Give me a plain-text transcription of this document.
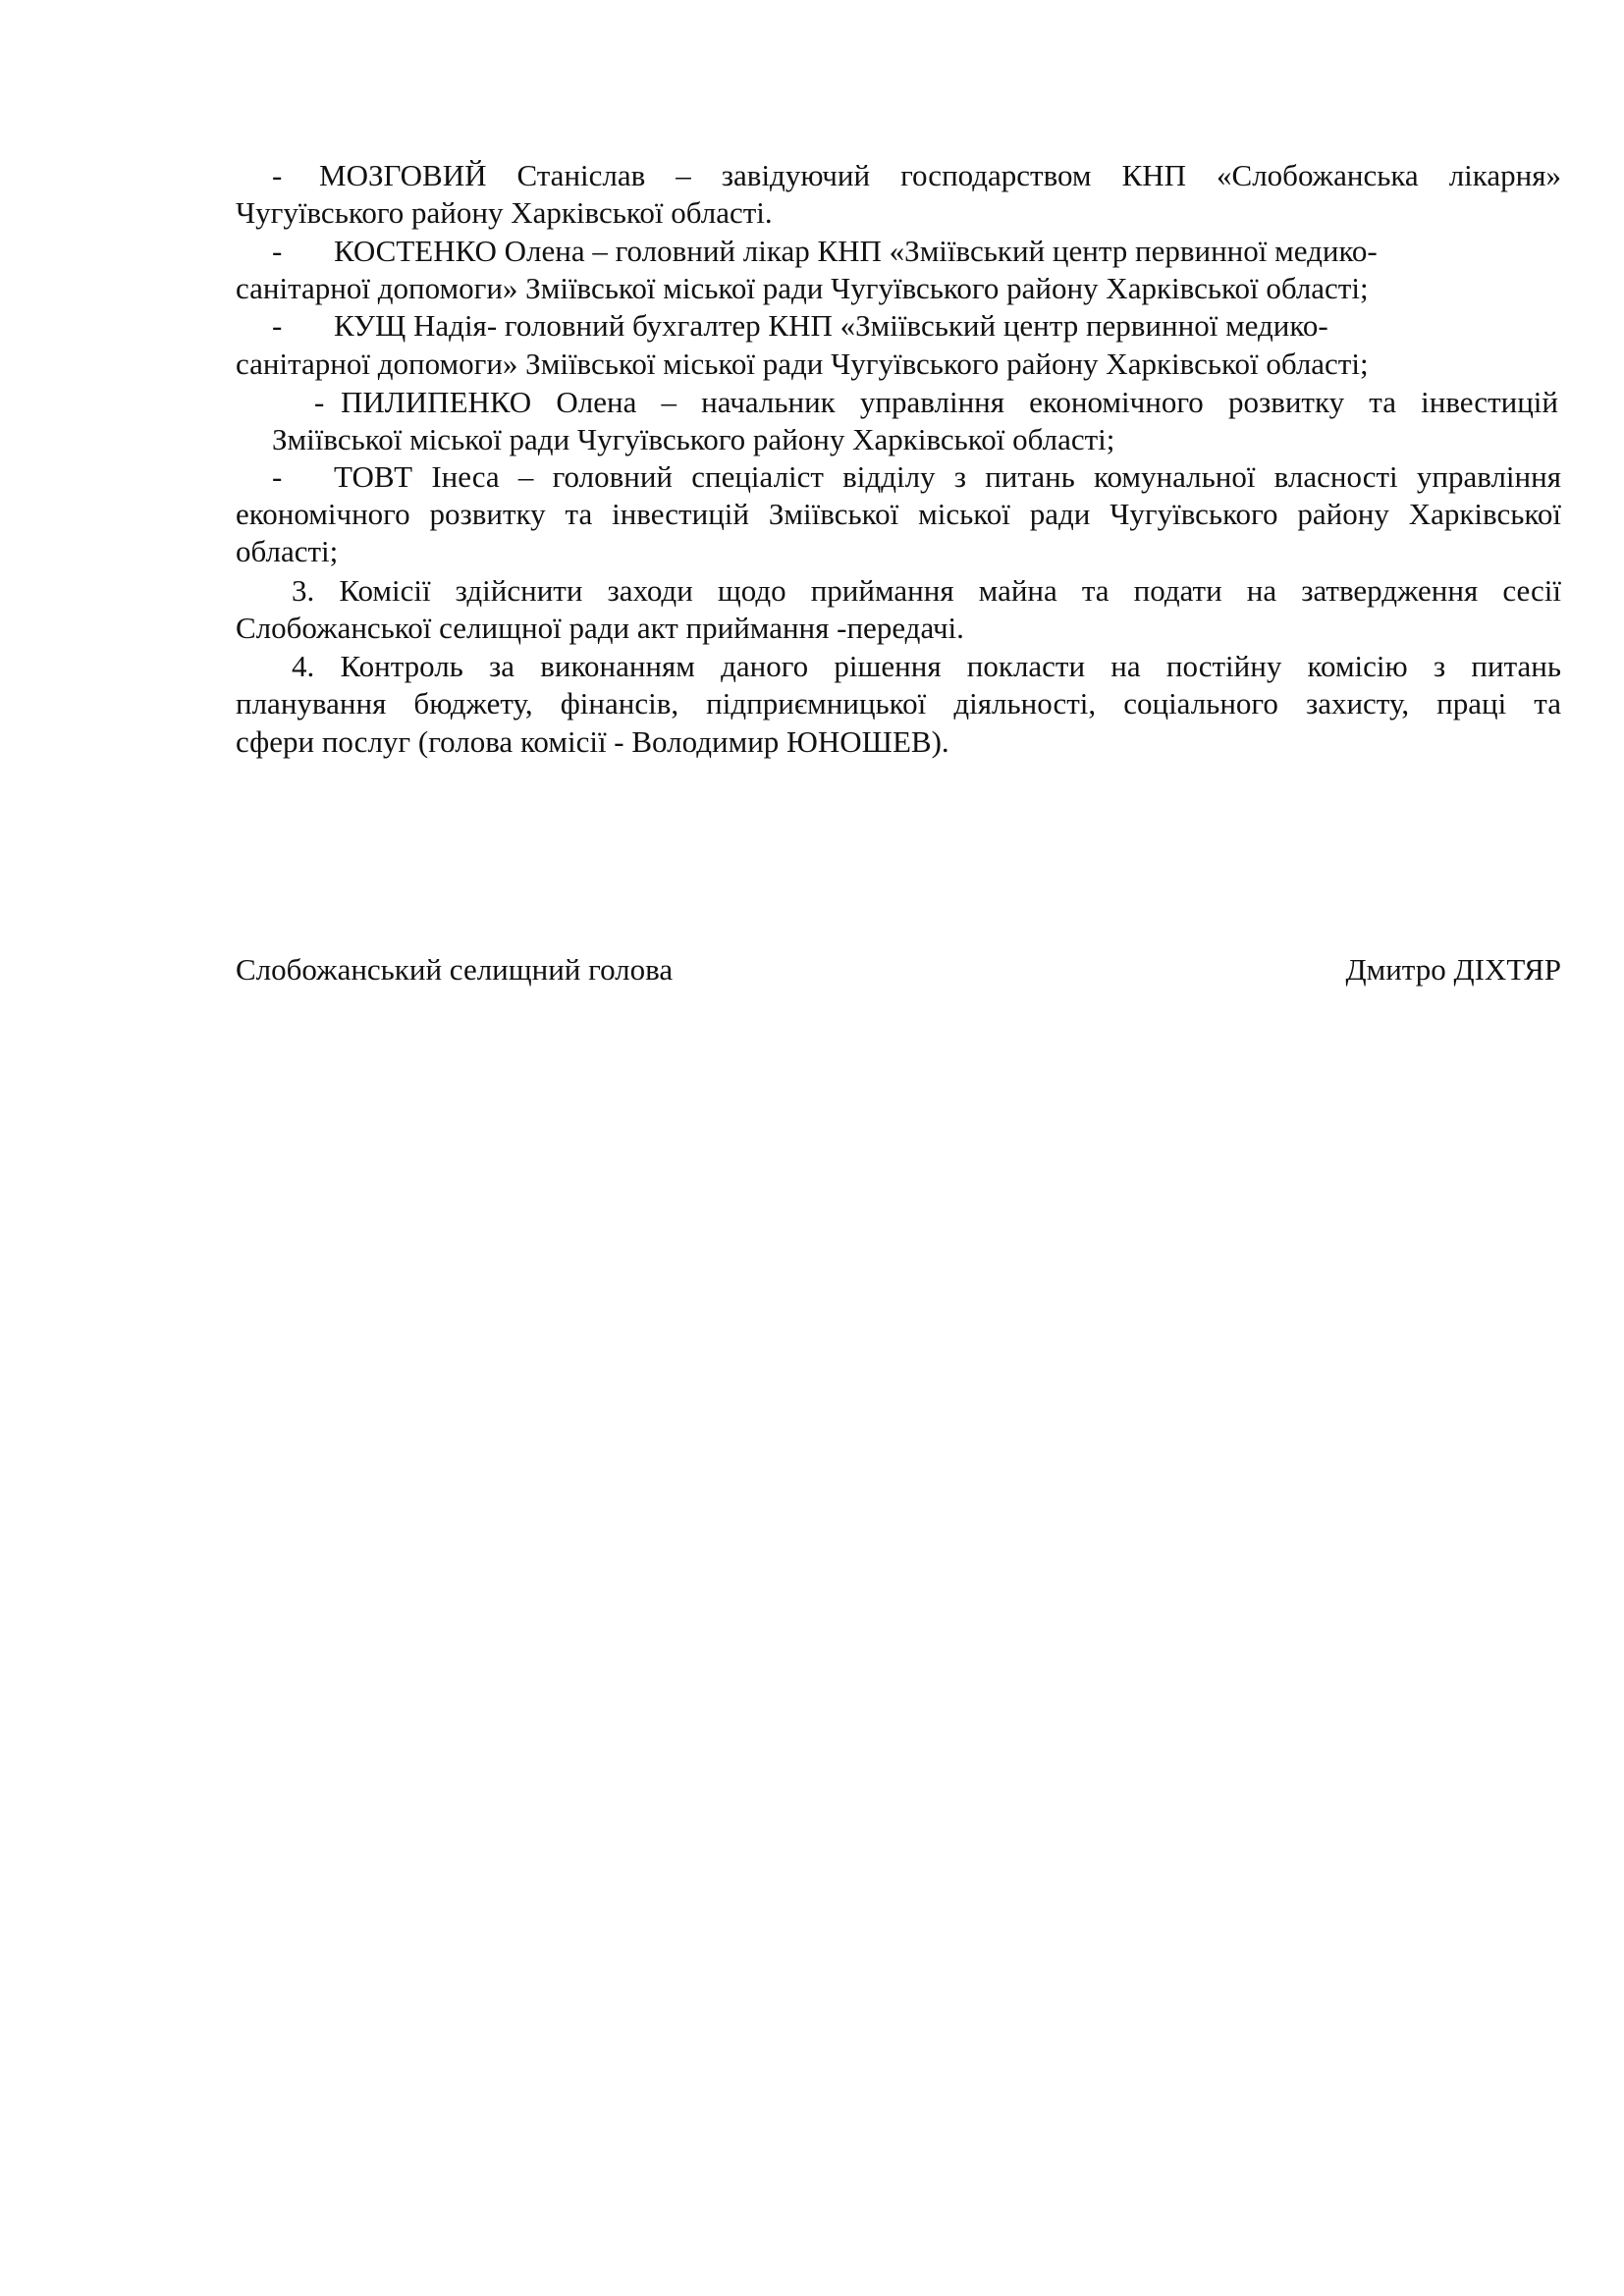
- МОЗГОВИЙ Станіслав – завідуючий господарством КНП «Слобожанська лікарня»
Чугуївського району Харківської області.
- КОСТЕНКО Олена – головний лікар КНП «Зміївський центр первинної медико-
санітарної допомоги» Зміївської міської ради Чугуївського району Харківської області;
- КУЩ Надія- головний бухгалтер КНП «Зміївський центр первинної медико-
санітарної допомоги» Зміївської міської ради Чугуївського району Харківської області;
- ПИЛИПЕНКО Олена – начальник управління економічного розвитку та інвестицій
Зміївської міської ради Чугуївського району Харківської області;
- ТОВТ Інеса – головний спеціаліст відділу з питань комунальної власності управління
економічного розвитку та інвестицій Зміївської міської ради Чугуївського району Харківської
області;
3. Комісії здійснити заходи щодо приймання майна та подати на затвердження сесії
Слобожанської селищної ради акт приймання -передачі.
4. Контроль за виконанням даного рішення покласти на постійну комісію з питань
планування бюджету, фінансів, підприємницької діяльності, соціального захисту, праці та
сфери послуг (голова комісії - Володимир ЮНОШЕВ).
Слобожанський селищний голова	Дмитро ДІХТЯР
